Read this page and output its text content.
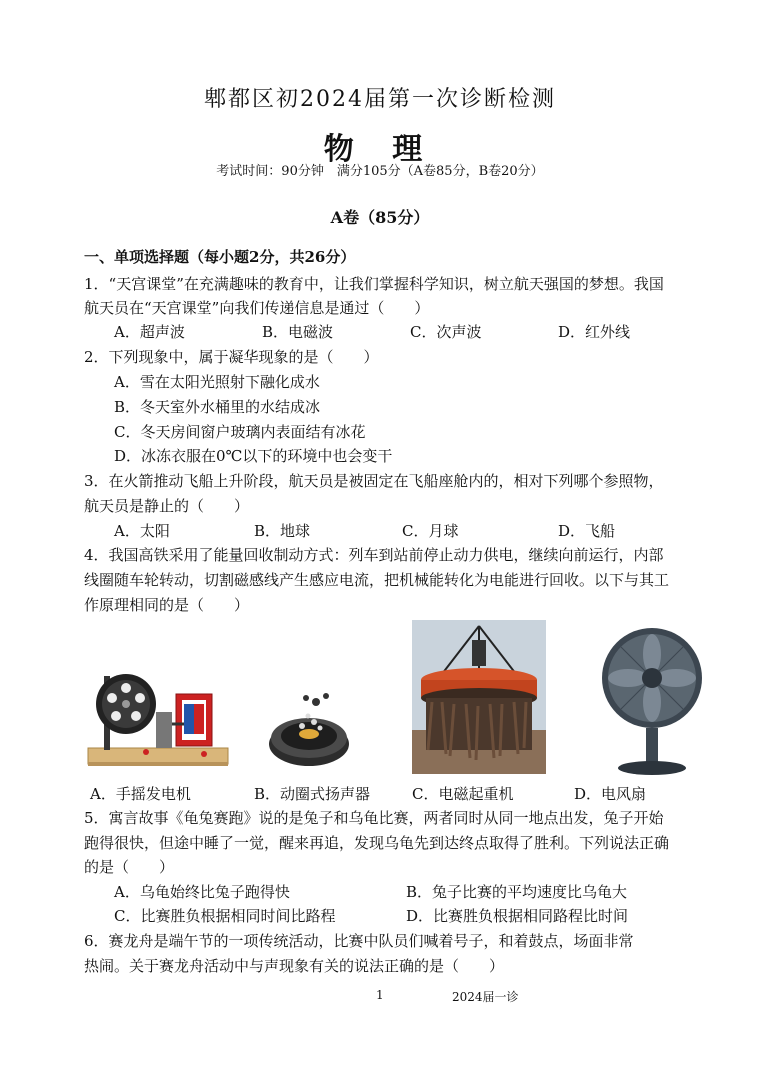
郫都区初2024届第一次诊断检测
物 理
考试时间：90分钟　满分105分（A卷85分，B卷20分）
A卷（85分）
一、单项选择题（每小题2分，共26分）
1．“天宫课堂”在充满趣味的教育中，让我们掌握科学知识，树立航天强国的梦想。我国
航天员在“天宫课堂”向我们传递信息是通过（　　）
A．超声波	B．电磁波	C．次声波	D．红外线
2．下列现象中，属于凝华现象的是（　　）
A．雪在太阳光照射下融化成水
B．冬天室外水桶里的水结成冰
C．冬天房间窗户玻璃内表面结有冰花
D．冰冻衣服在0℃以下的环境中也会变干
3．在火箭推动飞船上升阶段，航天员是被固定在飞船座舱内的，相对下列哪个参照物，
航天员是静止的（　　）
A．太阳	B．地球	C．月球	D．飞船
4．我国高铁采用了能量回收制动方式：列车到站前停止动力供电，继续向前运行，内部
线圈随车轮转动，切割磁感线产生感应电流，把机械能转化为电能进行回收。以下与其工
作原理相同的是（　　）
A．手摇发电机	B．动圈式扬声器	C．电磁起重机	D．电风扇
5．寓言故事《龟兔赛跑》说的是兔子和乌龟比赛，两者同时从同一地点出发，兔子开始
跑得很快，但途中睡了一觉，醒来再追，发现乌龟先到达终点取得了胜利。下列说法正确
的是（　　）
A．乌龟始终比兔子跑得快	B．兔子比赛的平均速度比乌龟大
C．比赛胜负根据相同时间比路程	D．比赛胜负根据相同路程比时间
6．赛龙舟是端午节的一项传统活动，比赛中队员们喊着号子，和着鼓点，场面非常
热闹。关于赛龙舟活动中与声现象有关的说法正确的是（　　）
1	2024届一诊
